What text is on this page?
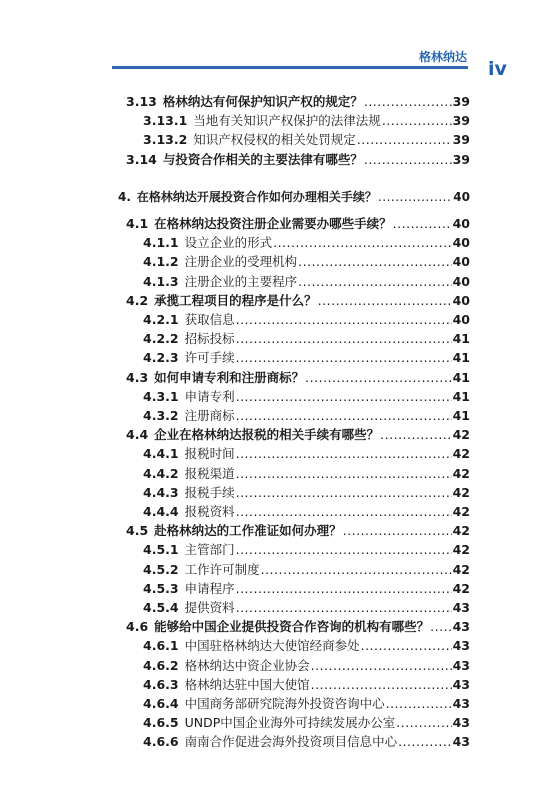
格林纳达
iv
3.13 格林纳达有何保护知识产权的规定？ .....	39
3.13.1 当地有关知识产权保护的法律法规 .....	39
3.13.2 知识产权侵权的相关处罚规定 .....	39
3.14 与投资合作相关的主要法律有哪些？ .....	39
4. 在格林纳达开展投资合作如何办理相关手续？ .....	40
4.1 在格林纳达投资注册企业需要办哪些手续？ .....	40
4.1.1 设立企业的形式 .....	40
4.1.2 注册企业的受理机构 .....	40
4.1.3 注册企业的主要程序 .....	40
4.2 承揽工程项目的程序是什么？ .....	40
4.2.1 获取信息 .....	40
4.2.2 招标投标 .....	41
4.2.3 许可手续 .....	41
4.3 如何申请专利和注册商标？ .....	41
4.3.1 申请专利 .....	41
4.3.2 注册商标 .....	41
4.4 企业在格林纳达报税的相关手续有哪些？ .....	42
4.4.1 报税时间 .....	42
4.4.2 报税渠道 .....	42
4.4.3 报税手续 .....	42
4.4.4 报税资料 .....	42
4.5 赴格林纳达的工作准证如何办理？ .....	42
4.5.1 主管部门 .....	42
4.5.2 工作许可制度 .....	42
4.5.3 申请程序 .....	42
4.5.4 提供资料 .....	43
4.6 能够给中国企业提供投资合作咨询的机构有哪些？ ..... 43
4.6.1 中国驻格林纳达大使馆经商参处 .....	43
4.6.2 格林纳达中资企业协会 .....	43
4.6.3 格林纳达驻中国大使馆 .....	43
4.6.4 中国商务部研究院海外投资咨询中心 .....	43
4.6.5 UNDP中国企业海外可持续发展办公室 .....	43
4.6.6 南南合作促进会海外投资项目信息中心 .....	43
